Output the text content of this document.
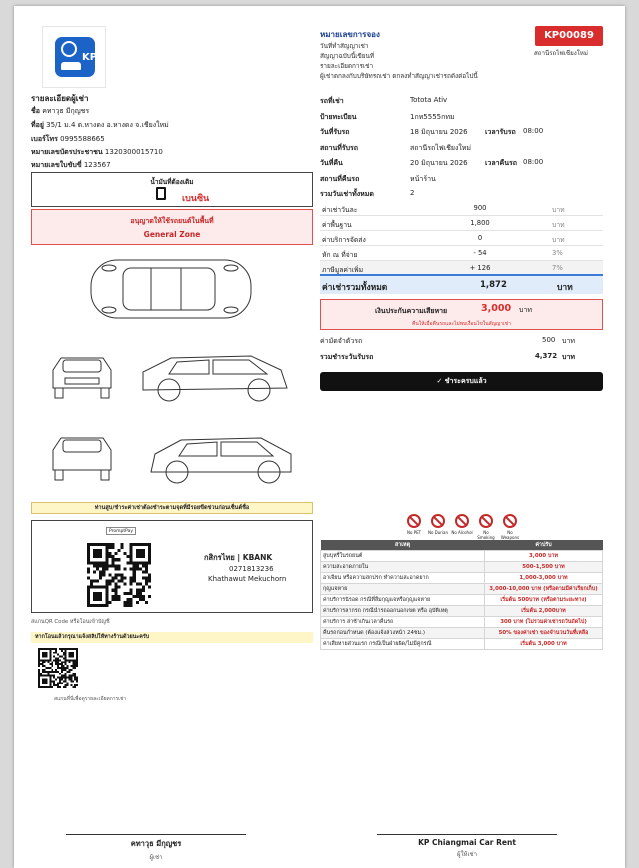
KP
หมายเลขการจอง
วันที่ทำสัญญาเช่า
สัญญาฉบับนี้เขียนที่
รายละเอียดการเช่า
ผู้เช่าตกลงกับบริษัทรถเช่า ตกลงทำสัญญาเช่ารถดังต่อไปนี้
KP00089
สถานีรถไฟเชียงใหม่
รายละเอียดผู้เช่า
ชื่อ คทาวุธ มีกุญชร
ที่อยู่ 35/1 ม.4 ต.หางดง อ.หางดง จ.เชียงใหม่
เบอร์โทร 0995588665
หมายเลขบัตรประชาชน 1320300015710
หมายเลขใบขับขี่ 123567
น้ำมันที่ต้องเติม
เบนซิน
อนุญาตให้ใช้รถยนต์ในพื้นที่
General Zone
รถที่เช่า	Totota Ativ
ป้ายทะเบียน	1กท5555กทม
วันที่รับรถ	18 มิถุนายน 2026 เวลารับรถ 08:00
สถานที่รับรถ	สถานีรถไฟเชียงใหม่
วันที่คืน	20 มิถุนายน 2026 เวลาคืนรถ 08:00
สถานที่คืนรถ	หน้าร้าน
รวมวันเช่าทั้งหมด	2
ค่าเช่าวันละ	900	บาท
ค่าพื้นฐาน	1,800	บาท
ค่าบริการจัดส่ง	0	บาท
หัก ณ ที่จ่าย	- 54	3%
ภาษีมูลค่าเพิ่ม	+ 126	7%
ค่าเช่ารวมทั้งหมด	1,872	บาท
เงินประกันความเสียหาย	3,000 บาท
คืนให้เมื่อคืนรถและไม่พบเงื่อนไขในสัญญาเช่า
ค่ามัดจำตัวรถ	500 บาท
รวมชำระวันรับรถ	4,372 บาท
✓ ชำระครบแล้ว
ท่านสูบ/ชำระค่าเช่าต้องชำระตามจุดที่มีรอยขีดข่วนก่อนเซ็นต์ชื่อ
PromptPay
กสิกรไทย | KBANK
0271813236
Khathawut Mekuchorn
สแกนQR Code หรือโอนเข้าบัญชี
หากโอนแล้วกรุณาแจ้งสลิปให้ทางร้านด้วยนะครับ
สแกนที่นี่เพื่อดูรายละเอียดการเช่า
No PET	No Durian No Alcohol	No Smoking
No Weapons
สาเหตุ	ค่าปรับ
สูบบุหรี่ในรถยนต์	3,000 บาท
ความสะอาดภายใน	500-1,500 บาท
อาเจียน หรือความสกปรก ทำความสะอาดยาก	1,000-3,000 บาท
กุญแจหาย	3,000-10,000 บาท (หรือตามมีค่าเรียกเก็บ)
ค่าบริการนิรอด กรณีที่ลืมกุญแจหรือกุญแจหาย	เริ่มต้น 500บาท (หรือตามระยะทาง)
ค่าบริการลากรถ กรณีนำรถออกนอกเขต หรือ อุบัติเหตุ	เริ่มต้น 2,000บาท
ค่าบริการ ล่าช้าเกินเวลาคืนรถ	300 บาท (ไม่รวมค่าเช่ารถวันถัดไป)
คืนรถก่อนกำหนด (ต้องแจ้งล่วงหน้า 24ชม.)	50% ของค่าเช่า ของจำนวนวันที่เหลือ
ค่าเสียหายส่วนแรก กรณีเป็นฝ่ายผิด/ไม่มีคู่กรณี	เริ่มต้น 3,000 บาท
คทาวุธ มีกุญชร
ผู้เช่า
KP Chiangmai Car Rent
ผู้ให้เช่า
